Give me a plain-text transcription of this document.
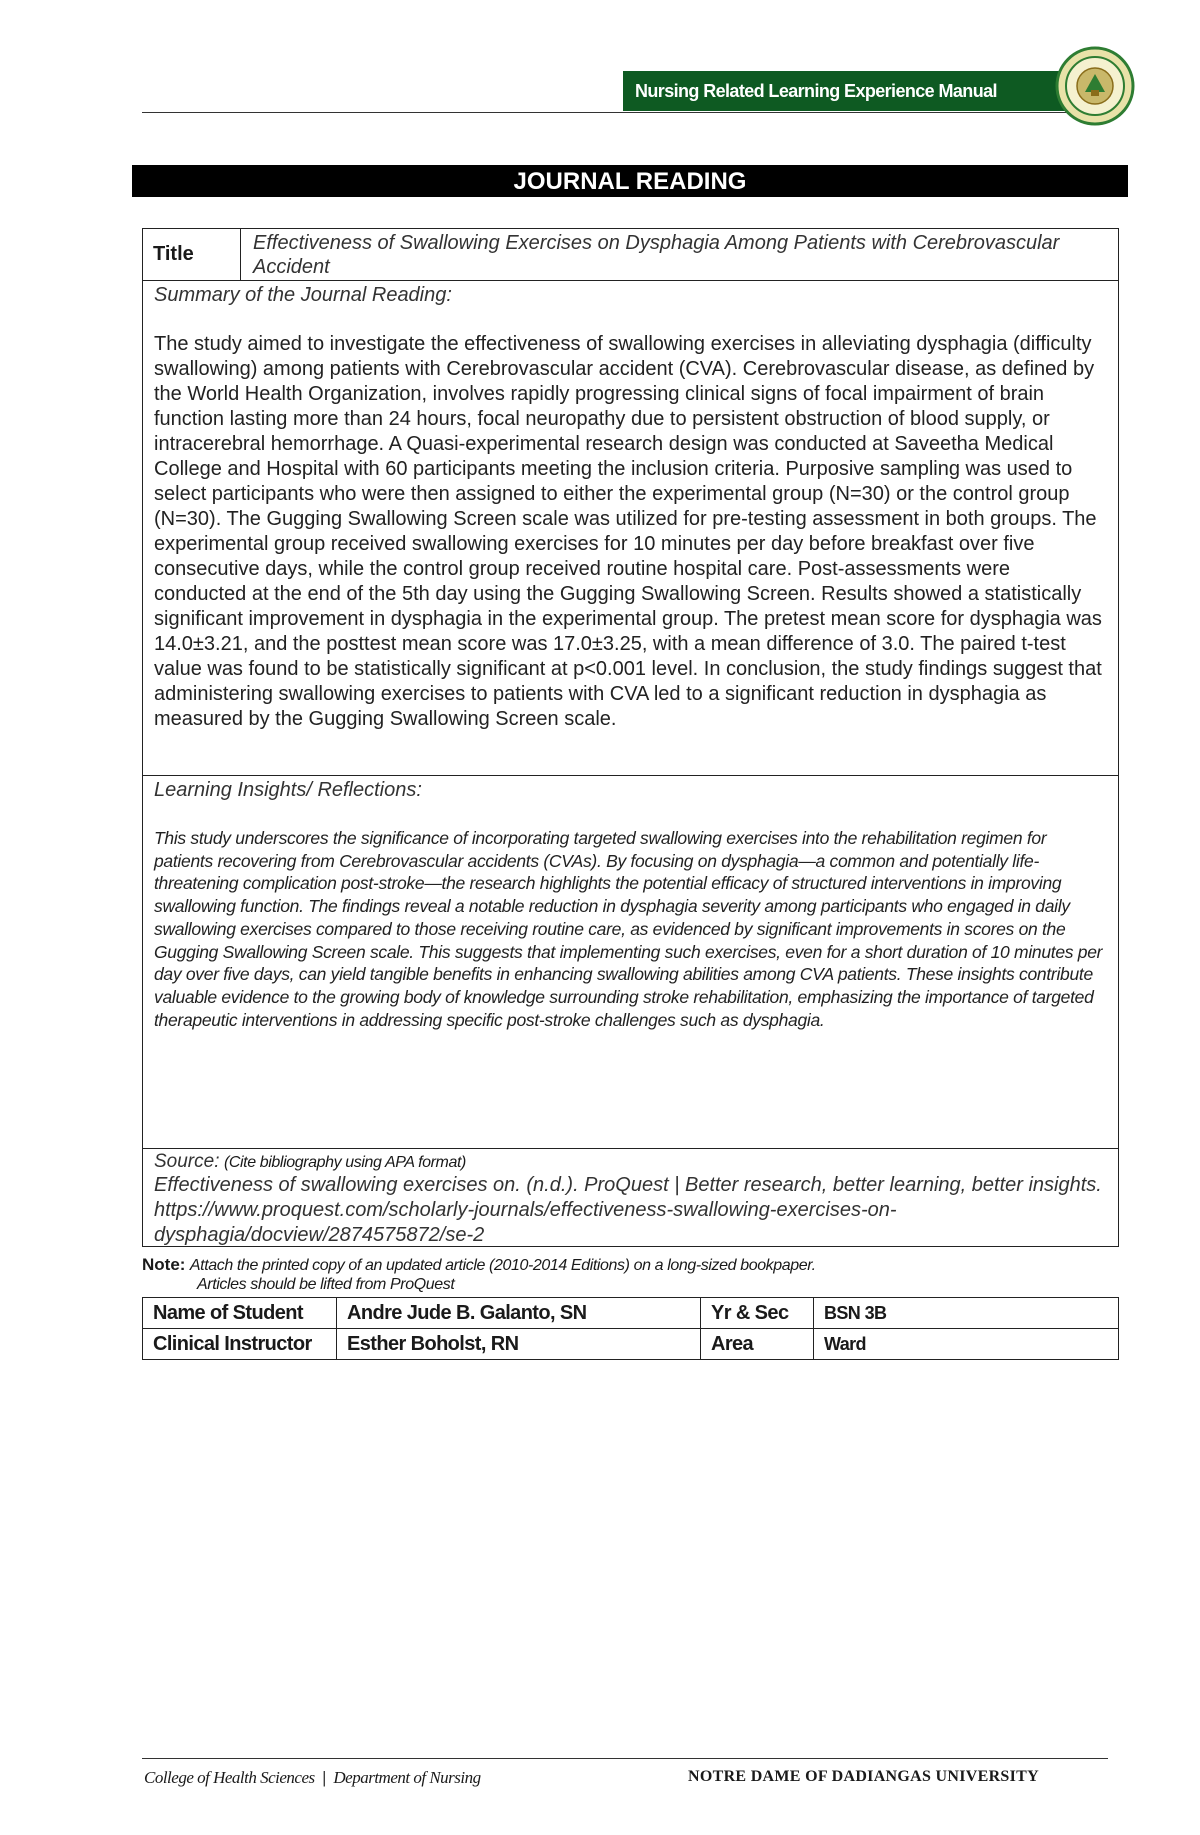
Nursing Related Learning Experience Manual
JOURNAL READING
Title	Effectiveness of Swallowing Exercises on Dysphagia Among Patients with Cerebrovascular Accident
Summary of the Journal Reading:
The study aimed to investigate the effectiveness of swallowing exercises in alleviating dysphagia (difficulty swallowing) among patients with Cerebrovascular accident (CVA). Cerebrovascular disease, as defined by the World Health Organization, involves rapidly progressing clinical signs of focal impairment of brain function lasting more than 24 hours, focal neuropathy due to persistent obstruction of blood supply, or intracerebral hemorrhage. A Quasi-experimental research design was conducted at Saveetha Medical College and Hospital with 60 participants meeting the inclusion criteria. Purposive sampling was used to select participants who were then assigned to either the experimental group (N=30) or the control group (N=30). The Gugging Swallowing Screen scale was utilized for pre-testing assessment in both groups. The experimental group received swallowing exercises for 10 minutes per day before breakfast over five consecutive days, while the control group received routine hospital care. Post-assessments were conducted at the end of the 5th day using the Gugging Swallowing Screen. Results showed a statistically significant improvement in dysphagia in the experimental group. The pretest mean score for dysphagia was 14.0±3.21, and the posttest mean score was 17.0±3.25, with a mean difference of 3.0. The paired t-test value was found to be statistically significant at p<0.001 level. In conclusion, the study findings suggest that administering swallowing exercises to patients with CVA led to a significant reduction in dysphagia as measured by the Gugging Swallowing Screen scale.
Learning Insights/ Reflections:
This study underscores the significance of incorporating targeted swallowing exercises into the rehabilitation regimen for patients recovering from Cerebrovascular accidents (CVAs). By focusing on dysphagia—a common and potentially life-threatening complication post-stroke—the research highlights the potential efficacy of structured interventions in improving swallowing function. The findings reveal a notable reduction in dysphagia severity among participants who engaged in daily swallowing exercises compared to those receiving routine care, as evidenced by significant improvements in scores on the Gugging Swallowing Screen scale. This suggests that implementing such exercises, even for a short duration of 10 minutes per day over five days, can yield tangible benefits in enhancing swallowing abilities among CVA patients. These insights contribute valuable evidence to the growing body of knowledge surrounding stroke rehabilitation, emphasizing the importance of targeted therapeutic interventions in addressing specific post-stroke challenges such as dysphagia.
Source: (Cite bibliography using APA format)
Effectiveness of swallowing exercises on. (n.d.). ProQuest | Better research, better learning, better insights. https://www.proquest.com/scholarly-journals/effectiveness-swallowing-exercises-on-dysphagia/docview/2874575872/se-2
Note: Attach the printed copy of an updated article (2010-2014 Editions) on a long-sized bookpaper.
Articles should be lifted from ProQuest
Name of Student	Andre Jude B. Galanto, SN	Yr & Sec	BSN 3B
Clinical Instructor	Esther Boholst, RN	Area	Ward
College of Health Sciences | Department of Nursing	NOTRE DAME OF DADIANGAS UNIVERSITY
